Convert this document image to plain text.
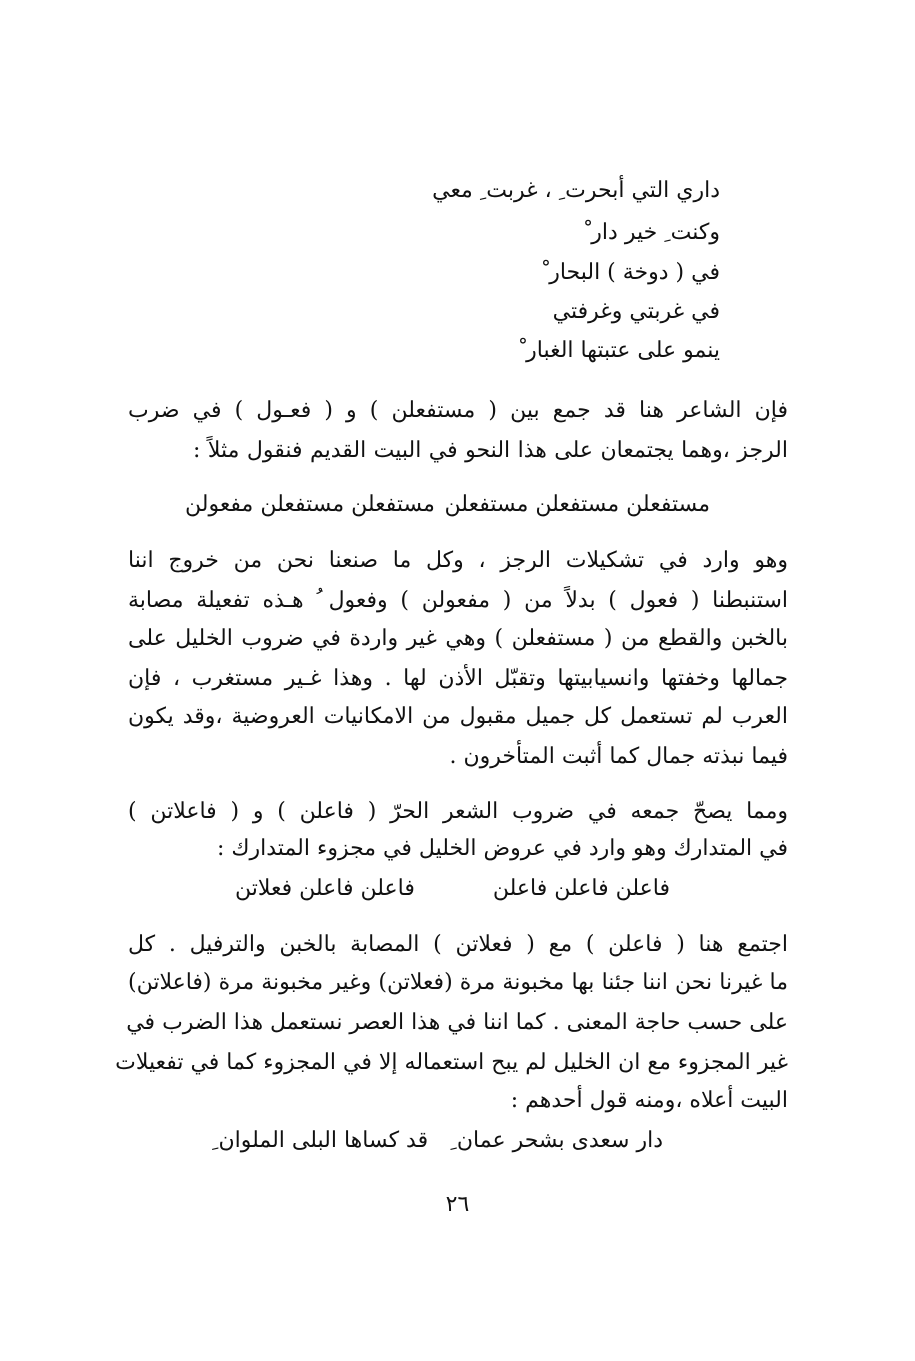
داري التي أبحرت ِ ، غربت ِ معي
وكنت ِ خير دار ْ
في ( دوخة ) البحار ْ
في غربتي وغرفتي
ينمو على عتبتها الغبار ْ
فإن الشاعر هنا قد جمع بين ( مستفعلن ) و ( فعـول ) في ضرب
الرجز ،وهما يجتمعان على هذا النحو في البيت القديم فنقول مثلاً :
مستفعلن مستفعلن مستفعلن
مستفعلن مستفعلن مفعولن
وهو وارد في تشكيلات الرجز ، وكل ما صنعنا نحن من خروج اننا
استنبطنا ( فعول ) بدلاً من ( مفعولن ) وفعول ُ هـذه تفعيلة مصابة
بالخبن والقطع من ( مستفعلن ) وهي غير واردة في ضروب الخليل على
جمالها وخفتها وانسيابيتها وتقبّل الأذن لها . وهذا غـير مستغرب ، فإن
العرب لم تستعمل كل جميل مقبول من الامكانيات العروضية ،وقد يكون
فيما نبذته جمال كما أثبت المتأخرون .
ومما يصحّ جمعه في ضروب الشعر الحرّ ( فاعلن ) و ( فاعلاتن )
في المتدارك وهو وارد في عروض الخليل في مجزوء المتدارك :
فاعلن فاعلن فاعلن
فاعلن فاعلن فعلاتن
اجتمع هنا ( فاعلن ) مع ( فعلاتن ) المصابة بالخبن والترفيل . كل
ما غيرنا نحن اننا جئنا بها مخبونة مرة (فعلاتن) وغير مخبونة مرة (فاعلاتن)
على حسب حاجة المعنى . كما اننا في هذا العصر نستعمل هذا الضرب في
غير المجزوء مع ان الخليل لم يبح استعماله إلا في المجزوء كما في تفعيلات
البيت أعلاه ،ومنه قول أحدهم :
دار سعدى بشحر عمان ِ
قد كساها البلى الملوان ِ
٢٦
